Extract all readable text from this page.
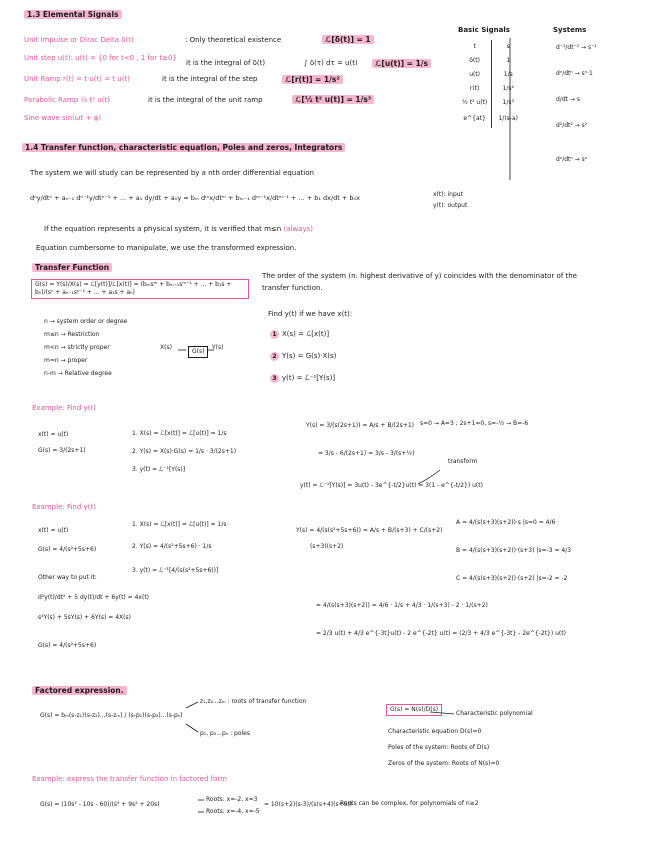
1.3 Elemental Signals
Unit Impulse or Dirac Delta δ(t)	: Only theoretical existence	ℒ[δ(t)] = 1
Unit step u(t): u(t) = {0 for t<0 ; 1 for t≥0}
it is the integral of δ(t)	∫ δ(τ) dτ = u(t)	ℒ[u(t)] = 1/s
Unit Ramp r(t) = t·u(t) = t u(t)	it is the integral of the step	ℒ[r(t)] = 1/s²
Parabolic Ramp ½ t² u(t)	it is the integral of the unit ramp	ℒ[½ t² u(t)] = 1/s³
Sine wave sin(ωt + φ)
Basic Signals	Systems
t	s
δ(t)	1
u(t)	1/s
r(t)	1/s²
½ t² u(t)	1/s³
e^{at}	1/(s-a)
d⁻¹/dt⁻¹ → s⁻¹
dⁿ/dtⁿ → sⁿ·1
d/dt → s
d²/dt² → s²
dⁿ/dtⁿ → sⁿ
1.4 Transfer function, characteristic equation, Poles and zeros, Integrators
The system we will study can be represented by a nth order differential equation
dⁿy/dtⁿ + aₙ₋₁ dⁿ⁻¹y/dtⁿ⁻¹ + ... + a₁ dy/dt + a₀y = bₘ dᵐx/dtᵐ + bₘ₋₁ dᵐ⁻¹x/dtᵐ⁻¹ + ... + b₁ dx/dt + b₀x	x(t): input
y(t): output
If the equation represents a physical system, it is verified that m≤n (always)
Equation cumbersome to manipulate, we use the transformed expression.
Transfer Function
G(s) = Y(s)/X(s) = ℒ[y(t)]/ℒ[x(t)] = (bₘsᵐ + bₘ₋₁sᵐ⁻¹ + ... + b₁s + b₀)/(sⁿ + aₙ₋₁sⁿ⁻¹ + ... + a₁s + a₀)
The order of the system (n: highest derivative of y) coincides with the denominator of the transfer function.
n → system order or degree
m≤n → Restriction
m<n → strictly proper
m=n → proper
n-m → Relative degree
X(s)
G(s)
Y(s)
Find y(t) if we have x(t):
1 X(s) = ℒ[x(t)]
2 Y(s) = G(s)·X(s)
3 y(t) = ℒ⁻¹[Y(s)]
Example: Find y(t)
x(t) = u(t)
G(s) = 3/(2s+1)
1. X(s) = ℒ[x(t)] = ℒ[u(t)] = 1/s
2. Y(s) = X(s)·G(s) = 1/s · 3/(2s+1)
3. y(t) = ℒ⁻¹[Y(s)]
Y(s) = 3/(s(2s+1)) = A/s + B/(2s+1) s=0 → A=3 ; 2s+1=0, s=-½ → B=-6
= 3/s - 6/(2s+1) = 3/s - 3/(s+½)
transform
y(t) = ℒ⁻¹[Y(s)] = 3u(t) - 3e^{-t/2}u(t) = 3(1 - e^{-t/2}) u(t)
Example: Find y(t)
x(t) = u(t)
G(s) = 4/(s²+5s+6)
Other way to put it:
d²y(t)/dt² + 5 dy(t)/dt + 6y(t) = 4x(t)
s²Y(s) + 5sY(s) + 6Y(s) = 4X(s)
G(s) = 4/(s²+5s+6)
1. X(s) = ℒ[x(t)] = ℒ[u(t)] = 1/s
2. Y(s) = 4/(s²+5s+6) · 1/s
3. y(t) = ℒ⁻¹[4/(s(s²+5s+6))]
Y(s) = 4/(s(s²+5s+6)) = A/s + B/(s+3) + C/(s+2)
(s+3)(s+2)
A = 4/(s(s+3)(s+2))·s |s=0 = 4/6
B = 4/(s(s+3)(s+2))·(s+3) |s=-3 = 4/3
C = 4/(s(s+3)(s+2))·(s+2) |s=-2 = -2
= 4/(s(s+3)(s+2)) = 4/6 · 1/s + 4/3 · 1/(s+3) - 2 · 1/(s+2)
= 2/3 u(t) + 4/3 e^{-3t}u(t) - 2 e^{-2t} u(t) = (2/3 + 4/3 e^{-3t} - 2e^{-2t}) u(t)
Factored expression.
G(s) = bₘ(s-z₁)(s-z₂)...(s-zₘ) / (s-p₁)(s-p₂)...(s-pₙ)
z₁,z₂...zₘ : roots of transfer function
p₁, p₂...pₙ : poles
G(s) = N(s)/D(s)
Characteristic polynomial
Characteristic equation D(s)=0
Poles of the system: Roots of D(s)
Zeros of the system: Roots of N(s)=0
Example: express the transfer function in factored form
G(s) = (10s² - 10s - 60)/(s³ + 9s² + 20s)
Roots: x=-2, x=3
Roots: x=-4, x=-5
= 10(s+2)(s-3)/(s(s+4)(s+5))
Roots can be complex, for polynomials of n≥2
